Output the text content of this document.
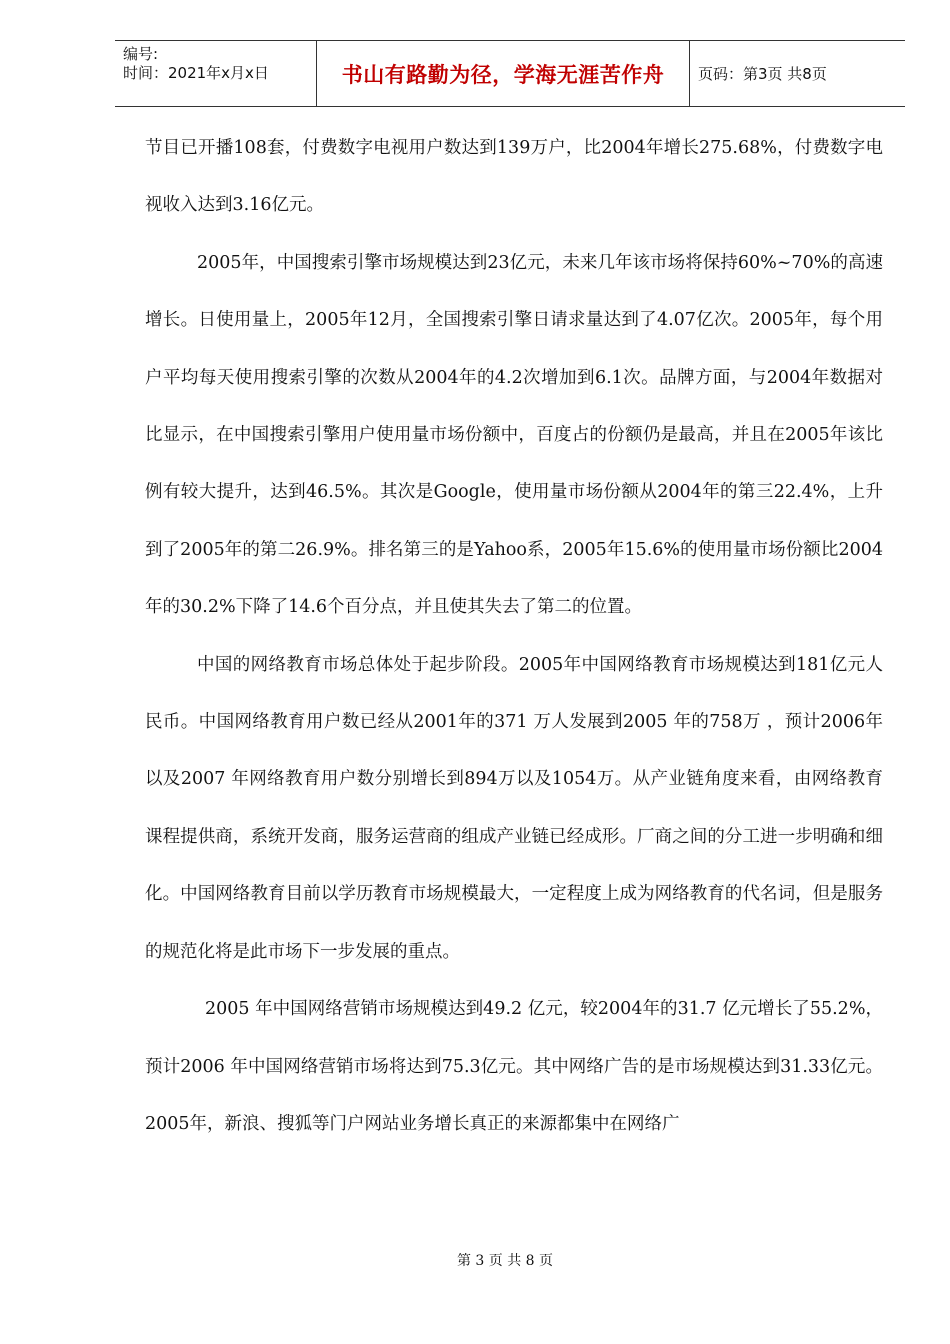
编号:
时间：2021年x月x日	书山有路勤为径，学海无涯苦作舟 页码：第3页 共8页

节目已开播108套，付费数字电视用户数达到139万户，比2004年增长275.68%，付费数字电视收入达到3.16亿元。

2005年，中国搜索引擎市场规模达到23亿元，未来几年该市场将保持60%~70%的高速增长。日使用量上，2005年12月，全国搜索引擎日请求量达到了4.07亿次。2005年，每个用户平均每天使用搜索引擎的次数从2004年的4.2次增加到6.1次。品牌方面，与2004年数据对比显示，在中国搜索引擎用户使用量市场份额中，百度占的份额仍是最高，并且在2005年该比例有较大提升，达到46.5%。其次是Google，使用量市场份额从2004年的第三22.4%，上升到了2005年的第二26.9%。排名第三的是Yahoo系，2005年15.6%的使用量市场份额比2004年的30.2%下降了14.6个百分点，并且使其失去了第二的位置。

中国的网络教育市场总体处于起步阶段。2005年中国网络教育市场规模达到181亿元人民币。中国网络教育用户数已经从2001年的371 万人发展到2005 年的758万 ，预计2006年以及2007 年网络教育用户数分别增长到894万以及1054万。从产业链角度来看，由网络教育课程提供商，系统开发商，服务运营商的组成产业链已经成形。厂商之间的分工进一步明确和细化。中国网络教育目前以学历教育市场规模最大，一定程度上成为网络教育的代名词，但是服务的规范化将是此市场下一步发展的重点。

2005 年中国网络营销市场规模达到49.2 亿元，较2004年的31.7 亿元增长了55.2%，预计2006 年中国网络营销市场将达到75.3亿元。其中网络广告的是市场规模达到31.33亿元。2005年，新浪、搜狐等门户网站业务增长真正的来源都集中在网络广

第 3 页 共 8 页
